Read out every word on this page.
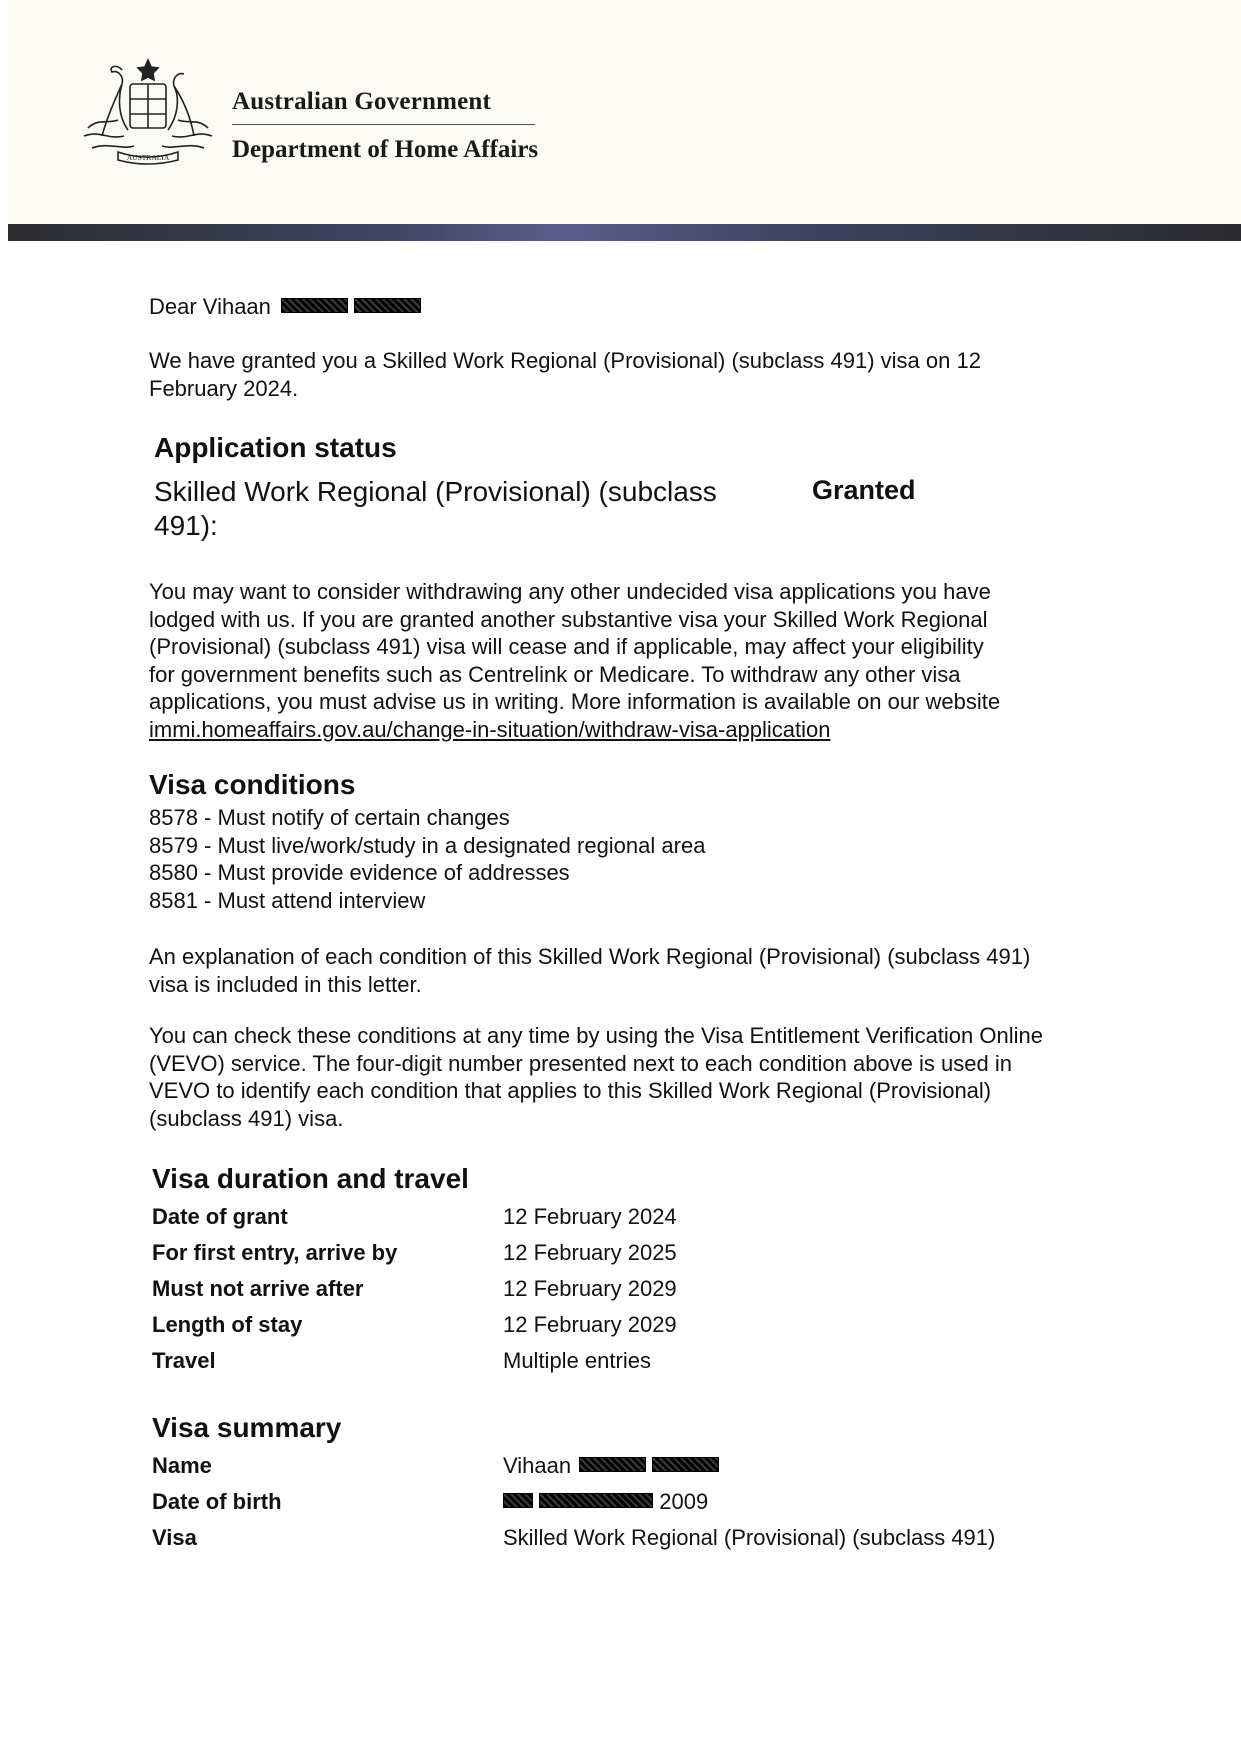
AUSTRALIA
Australian Government
Department of Home Affairs
Dear Vihaan
We have granted you a Skilled Work Regional (Provisional) (subclass 491) visa on 12
February 2024.
Application status
Skilled Work Regional (Provisional) (subclass
491):
Granted
You may want to consider withdrawing any other undecided visa applications you have
lodged with us. If you are granted another substantive visa your Skilled Work Regional
(Provisional) (subclass 491) visa will cease and if applicable, may affect your eligibility
for government benefits such as Centrelink or Medicare. To withdraw any other visa
applications, you must advise us in writing. More information is available on our website
immi.homeaffairs.gov.au/change-in-situation/withdraw-visa-application
Visa conditions
8578 - Must notify of certain changes
8579 - Must live/work/study in a designated regional area
8580 - Must provide evidence of addresses
8581 - Must attend interview
An explanation of each condition of this Skilled Work Regional (Provisional) (subclass 491)
visa is included in this letter.
You can check these conditions at any time by using the Visa Entitlement Verification Online
(VEVO) service. The four-digit number presented next to each condition above is used in
VEVO to identify each condition that applies to this Skilled Work Regional (Provisional)
(subclass 491) visa.
Visa duration and travel
Date of grant	12 February 2024
For first entry, arrive by	12 February 2025
Must not arrive after	12 February 2029
Length of stay	12 February 2029
Travel	Multiple entries
Visa summary
Name	Vihaan
Date of birth	2009
Visa	Skilled Work Regional (Provisional) (subclass 491)
